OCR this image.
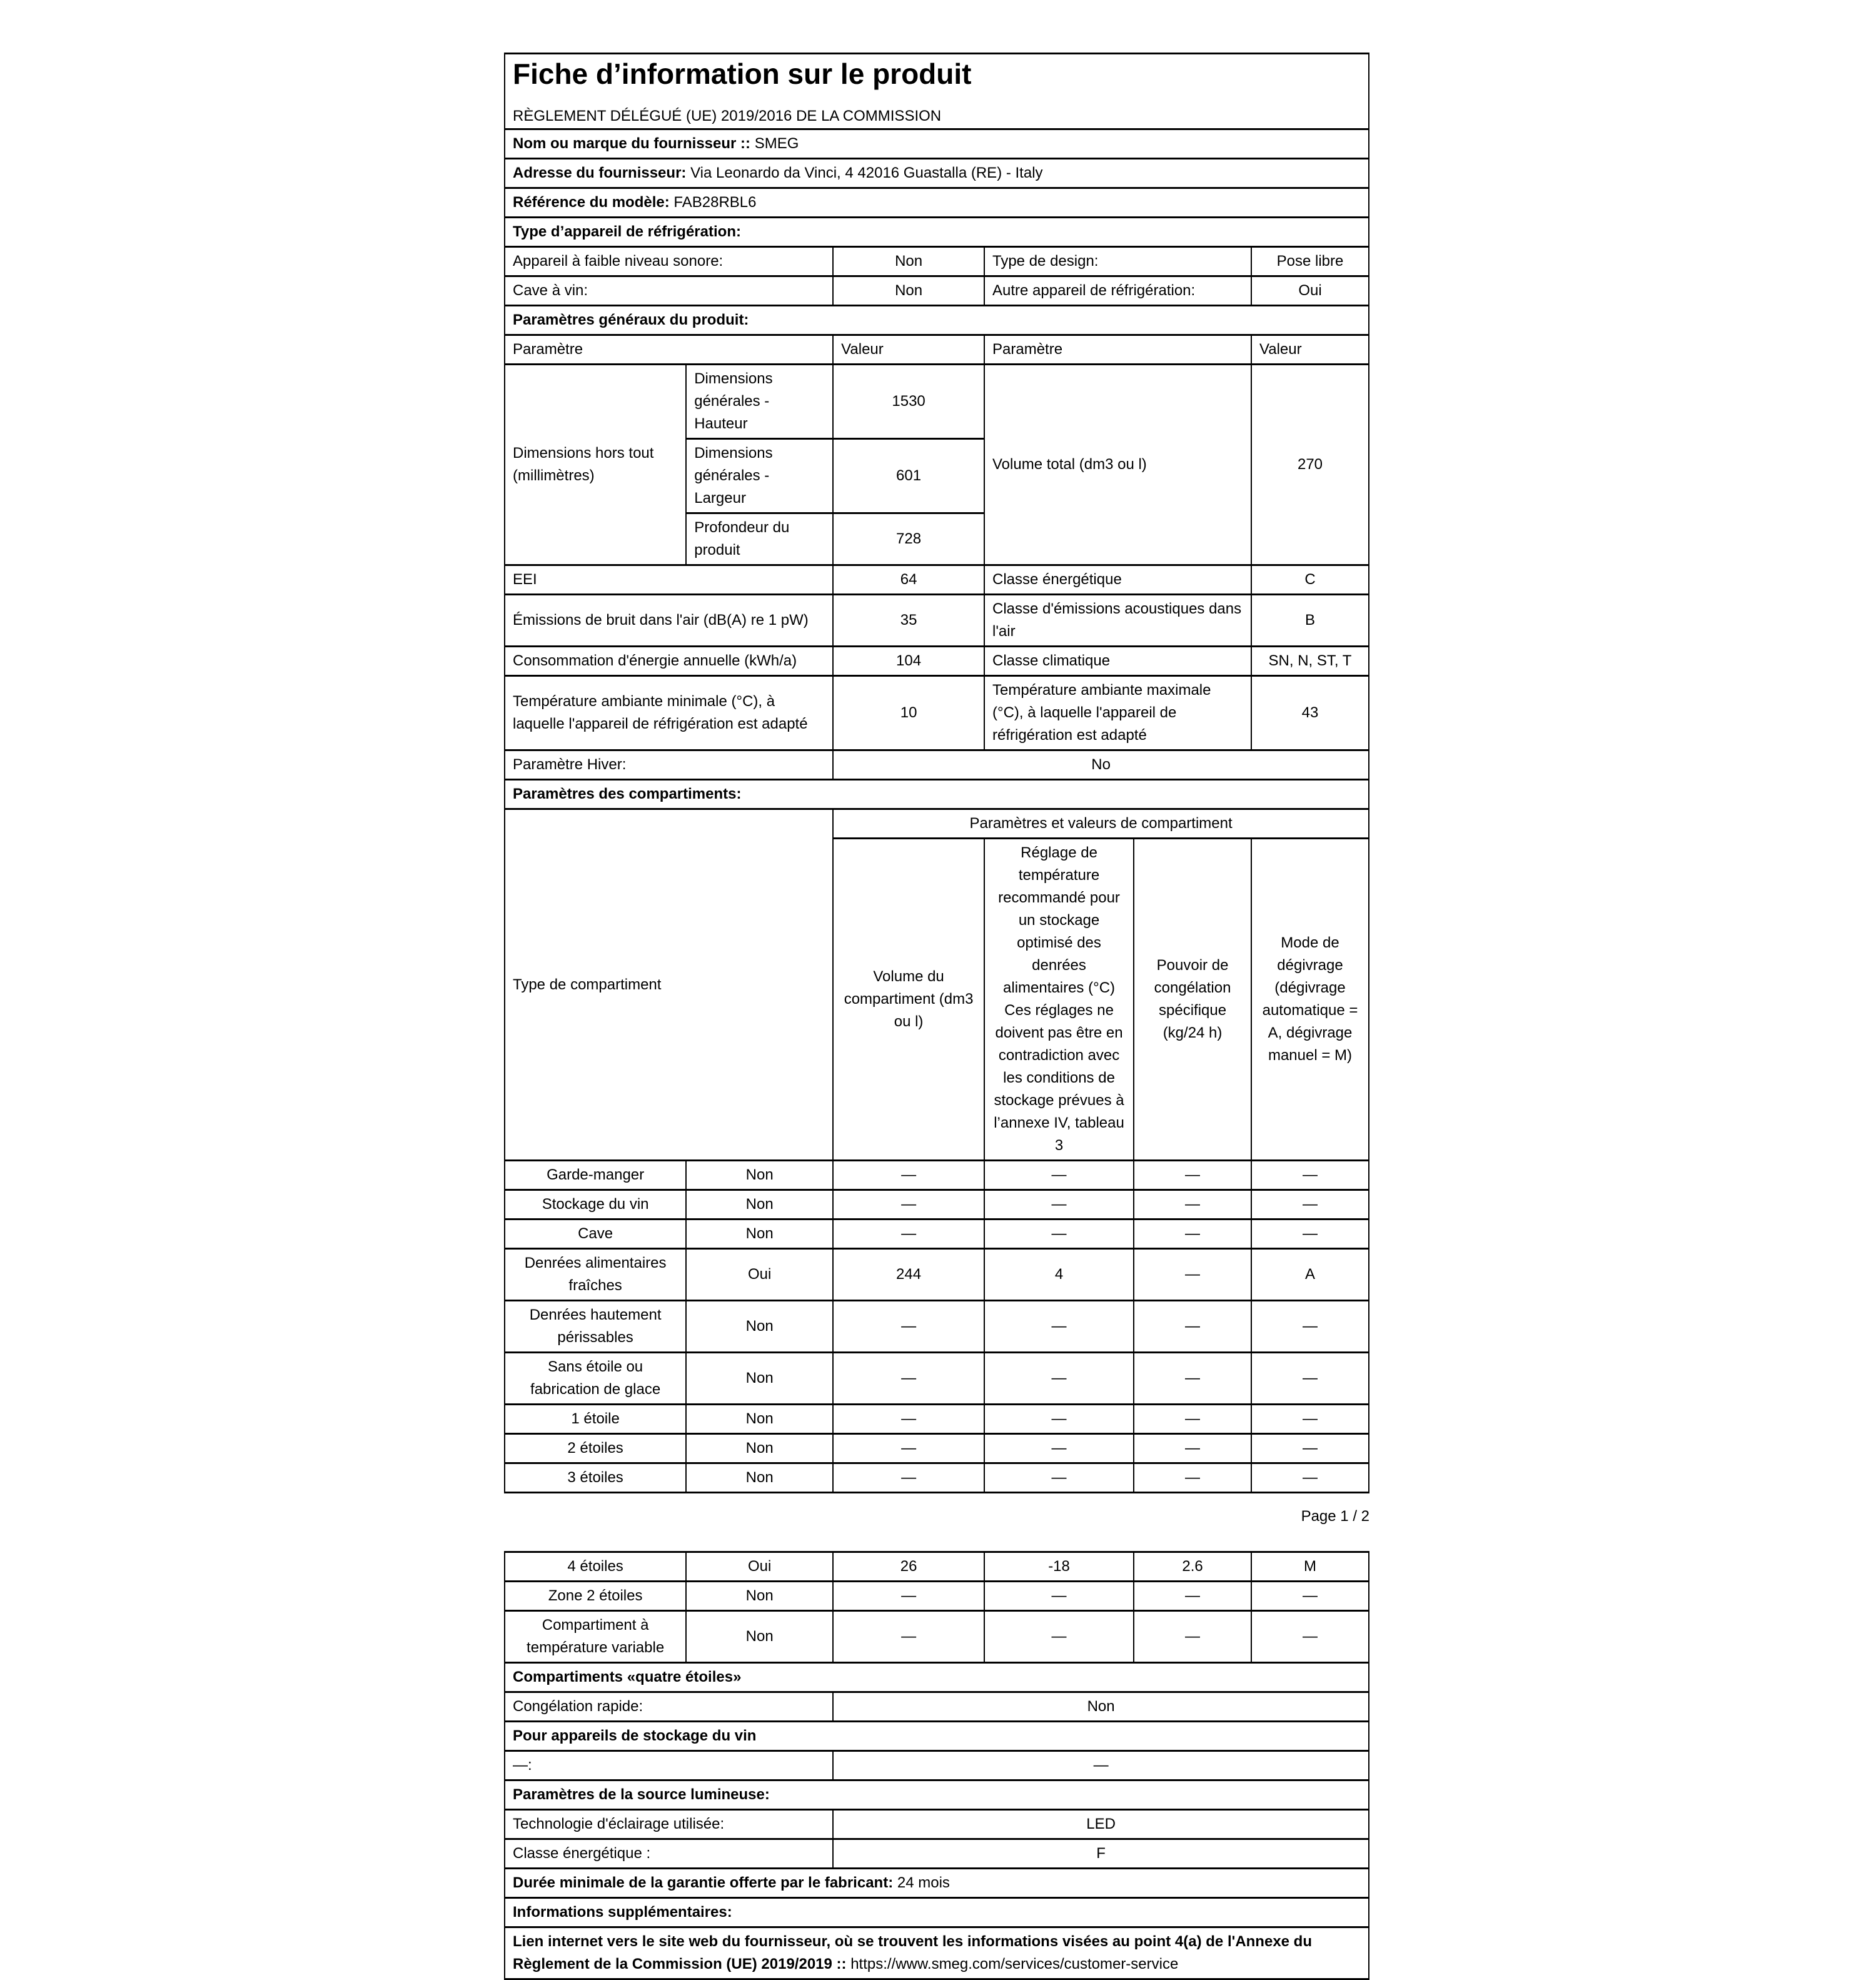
Fiche d’information sur le produit
RÈGLEMENT DÉLÉGUÉ (UE) 2019/2016 DE LA COMMISSION					

Nom ou marque du fournisseur :: SMEG					
Adresse du fournisseur: Via Leonardo da Vinci, 4 42016 Guastalla (RE) - Italy					
Référence du modèle: FAB28RBL6					
Type d’appareil de réfrigération:					
Appareil à faible niveau sonore:		Non	Type de design:		Pose libre
Cave à vin:		Non	Autre appareil de réfrigération:		Oui
Paramètres généraux du produit:					
Paramètre		Valeur	Paramètre		Valeur
Dimensions hors tout (millimètres)	Dimensions générales - Hauteur	1530	Volume total (dm3 ou l)		270
	Dimensions générales - Largeur	601			
	Profondeur du produit	728			
EEI		64	Classe énergétique		C
Émissions de bruit dans l'air (dB(A) re 1 pW)		35	Classe d'émissions acoustiques dans l'air		B
Consommation d'énergie annuelle (kWh/a)		104	Classe climatique		SN, N, ST, T
Température ambiante minimale (°C), à laquelle l'appareil de réfrigération est adapté		10	Température ambiante maximale (°C), à laquelle l'appareil de réfrigération est adapté		43
Paramètre Hiver:		No			
Paramètres des compartiments:					
Type de compartiment		Paramètres et valeurs de compartiment			
		Volume du compartiment (dm3 ou l)	Réglage de température recommandé pour un stockage optimisé des denrées alimentaires (°C) Ces réglages ne doivent pas être en contradiction avec les conditions de stockage prévues à l’annexe IV, tableau 3	Pouvoir de congélation spécifique (kg/24 h)	Mode de dégivrage (dégivrage automatique = A, dégivrage manuel = M)
Garde-manger	Non	—	—	—	—
Stockage du vin	Non	—	—	—	—
Cave	Non	—	—	—	—
Denrées alimentaires fraîches	Oui	244	4	—	A
Denrées hautement périssables	Non	—	—	—	—
Sans étoile ou fabrication de glace	Non	—	—	—	—
1 étoile	Non	—	—	—	—
2 étoiles	Non	—	—	—	—
3 étoiles	Non	—	—	—	—
Page 1 / 2
4 étoiles	Oui	26	-18	2.6	M
Zone 2 étoiles	Non	—	—	—	—
Compartiment à température variable	Non	—	—	—	—
Compartiments «quatre étoiles»					
Congélation rapide:		Non			
Pour appareils de stockage du vin					
—:		—			
Paramètres de la source lumineuse:					
Technologie d'éclairage utilisée:		LED			
Classe énergétique :		F			
Durée minimale de la garantie offerte par le fabricant: 24 mois					
Informations supplémentaires:					
Lien internet vers le site web du fournisseur, où se trouvent les informations visées au point 4(a) de l'Annexe du Règlement de la Commission (UE) 2019/2019 :: https://www.smeg.com/services/customer-service					
